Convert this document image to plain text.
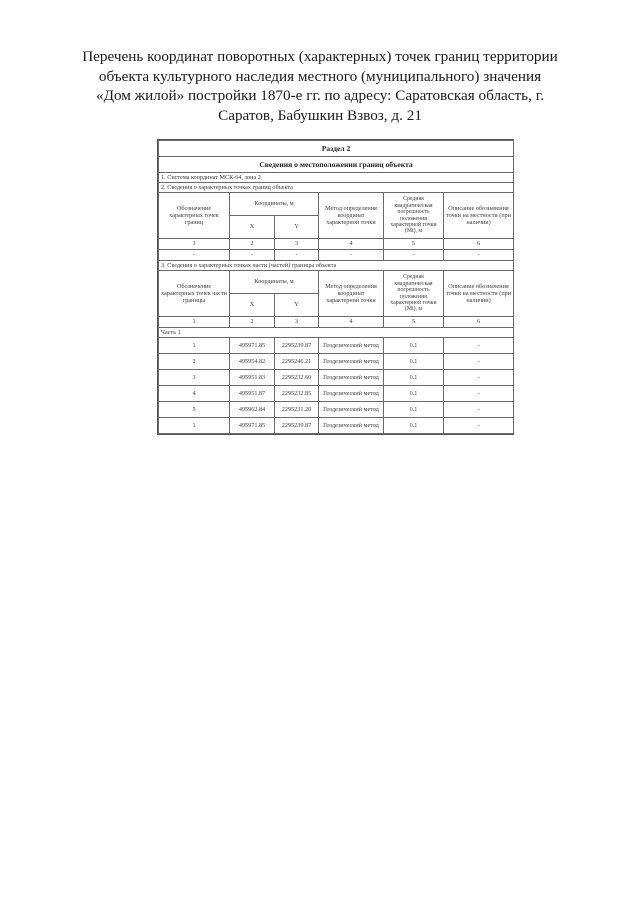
Перечень координат поворотных (характерных) точек границ территории
объекта культурного наследия местного (муниципального) значения
«Дом жилой» постройки 1870-е гг. по адресу: Саратовская область, г.
Саратов, Бабушкин Взвоз, д. 21
Раздел 2					
Сведения о местоположении границ объекта					
1. Система координат МСК-64, зона 2					
2. Сведения о характерных точках границ объекта					
Обозначение характерных точек границ	Координаты, м		Метод определения координат характерной точки	Средняя квадратическая погрешность положения характерной точки (Mt), м	Описание обозначения точки на местности (при наличии)
	X	Y			
1	2	3	4	5	6
-	-	-	-	-	-
3. Сведения о характерных точках части (частей) границы объекта					
Обозначение характерных точек части границы	Координаты, м		Метод определения координат характерной точки	Средняя квадратическая погрешность положения характерной точки (Mt), м	Описание обозначения точки на местности (при наличии)
	X	Y			
1	2	3	4	5	6
Часть 1					
1	495971.85	2295239.87	Геодезический метод	0.1	-
2	495954.82	2295246.21	Геодезический метод	0.1	-
3	495951.83	2295232.60	Геодезический метод	0.1	-
4	495951.87	2295232.85	Геодезический метод	0.1	-
5	495962.84	2295231.20	Геодезический метод	0.1	-
1	495971.85	2295239.87	Геодезический метод	0.1	-
